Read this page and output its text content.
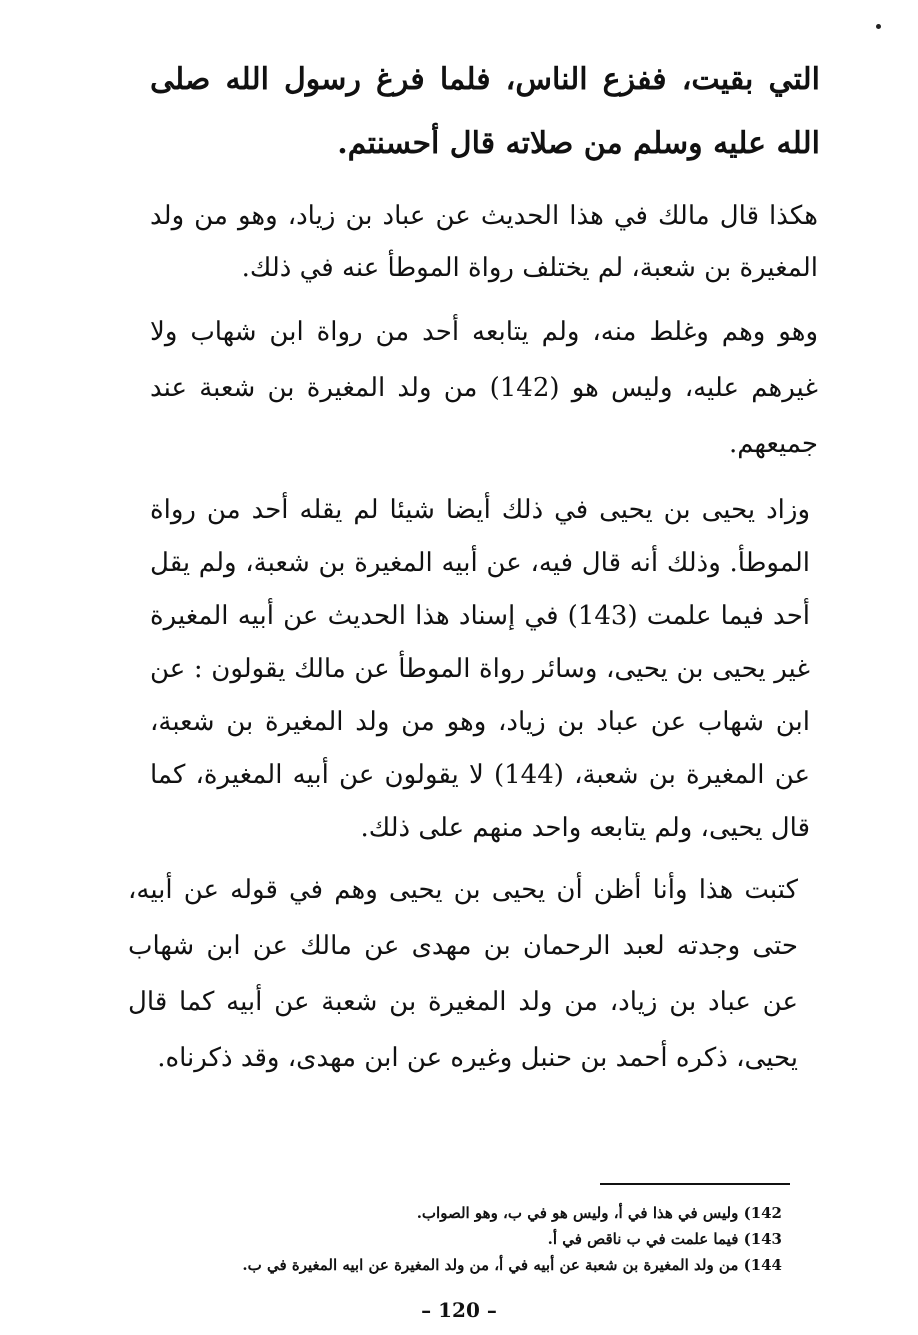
التي بقيت، ففزع الناس، فلما فرغ رسول الله صلى الله عليه وسلم من صلاته قال أحسنتم.
هكذا قال مالك في هذا الحديث عن عباد بن زياد، وهو من ولد المغيرة بن شعبة، لم يختلف رواة الموطأ عنه في ذلك.
وهو وهم وغلط منه، ولم يتابعه أحد من رواة ابن شهاب ولا غيرهم عليه، وليس هو (142) من ولد المغيرة بن شعبة عند جميعهم.
وزاد يحيى بن يحيى في ذلك أيضا شيئا لم يقله أحد من رواة الموطأ. وذلك أنه قال فيه، عن أبيه المغيرة بن شعبة، ولم يقل أحد فيما علمت (143) في إسناد هذا الحديث عن أبيه المغيرة غير يحيى بن يحيى، وسائر رواة الموطأ عن مالك يقولون : عن ابن شهاب عن عباد بن زياد، وهو من ولد المغيرة بن شعبة، عن المغيرة بن شعبة، (144) لا يقولون عن أبيه المغيرة، كما قال يحيى، ولم يتابعه واحد منهم على ذلك.
كتبت هذا وأنا أظن أن يحيى بن يحيى وهم في قوله عن أبيه، حتى وجدته لعبد الرحمان بن مهدى عن مالك عن ابن شهاب عن عباد بن زياد، من ولد المغيرة بن شعبة عن أبيه كما قال يحيى، ذكره أحمد بن حنبل وغيره عن ابن مهدى، وقد ذكرناه.
142) وليس في هذا في أ، وليس هو في ب، وهو الصواب.
143) فيما علمت في ب ناقص في أ.
144) من ولد المغيرة بن شعبة عن أبيه في أ، من ولد المغيرة عن ابيه المغيرة في ب.
– 120 –
